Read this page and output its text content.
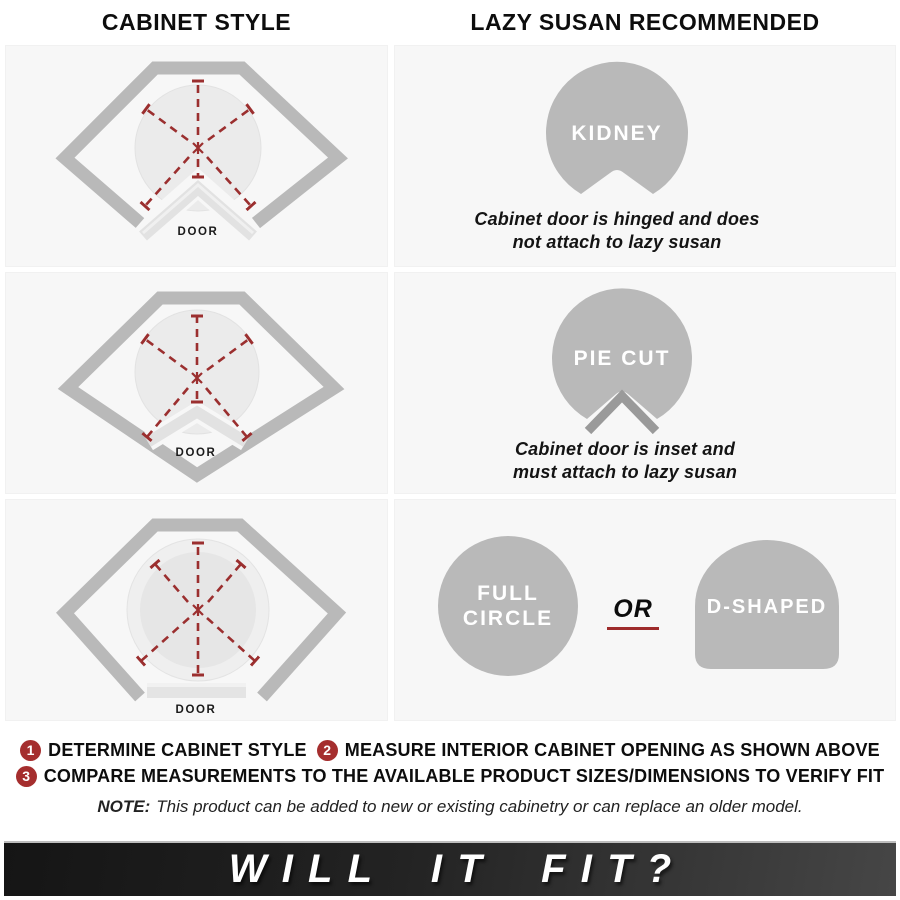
CABINET STYLE	LAZY SUSAN RECOMMENDED
DOOR
KIDNEY
Cabinet door is hinged and does
not attach to lazy susan
DOOR
PIE CUT
Cabinet door is inset and
must attach to lazy susan
DOOR
FULL
CIRCLE	D-SHAPED
OR
1 DETERMINE CABINET STYLE	2 MEASURE INTERIOR CABINET OPENING AS SHOWN ABOVE
3 COMPARE MEASUREMENTS TO THE AVAILABLE PRODUCT SIZES/DIMENSIONS TO VERIFY FIT
NOTE: This product can be added to new or existing cabinetry or can replace an older model.
WILL IT FIT?
